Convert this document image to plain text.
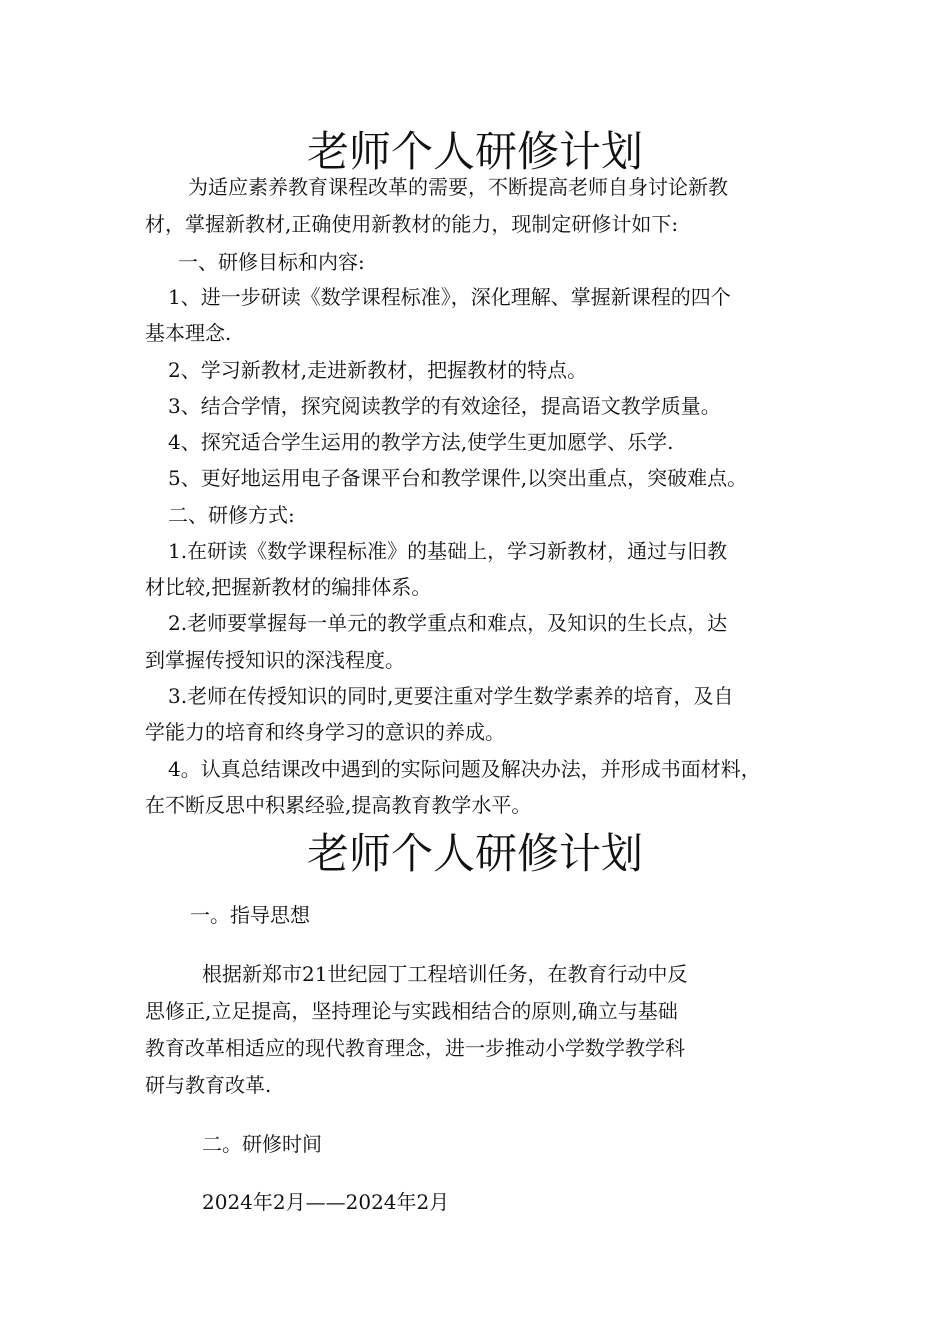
老师个人研修计划
为适应素养教育课程改革的需要，不断提高老师自身讨论新教
材，掌握新教材,正确使用新教材的能力，现制定研修计如下:
一、研修目标和内容:
1、进一步研读《数学课程标准》，深化理解、掌握新课程的四个
基本理念.
2、学习新教材,走进新教材，把握教材的特点。
3、结合学情，探究阅读教学的有效途径，提高语文教学质量。
4、探究适合学生运用的教学方法,使学生更加愿学、乐学.
5、更好地运用电子备课平台和教学课件,以突出重点，突破难点。
二、研修方式:
1.在研读《数学课程标准》的基础上，学习新教材，通过与旧教
材比较,把握新教材的编排体系。
2.老师要掌握每一单元的教学重点和难点，及知识的生长点，达
到掌握传授知识的深浅程度。
3.老师在传授知识的同时,更要注重对学生数学素养的培育，及自
学能力的培育和终身学习的意识的养成。
4。认真总结课改中遇到的实际问题及解决办法，并形成书面材料，
在不断反思中积累经验,提高教育教学水平。
老师个人研修计划
一。指导思想
根据新郑市21世纪园丁工程培训任务，在教育行动中反
思修正,立足提高，坚持理论与实践相结合的原则,确立与基础
教育改革相适应的现代教育理念，进一步推动小学数学教学科
研与教育改革.
二。研修时间
2024年2月——2024年2月
